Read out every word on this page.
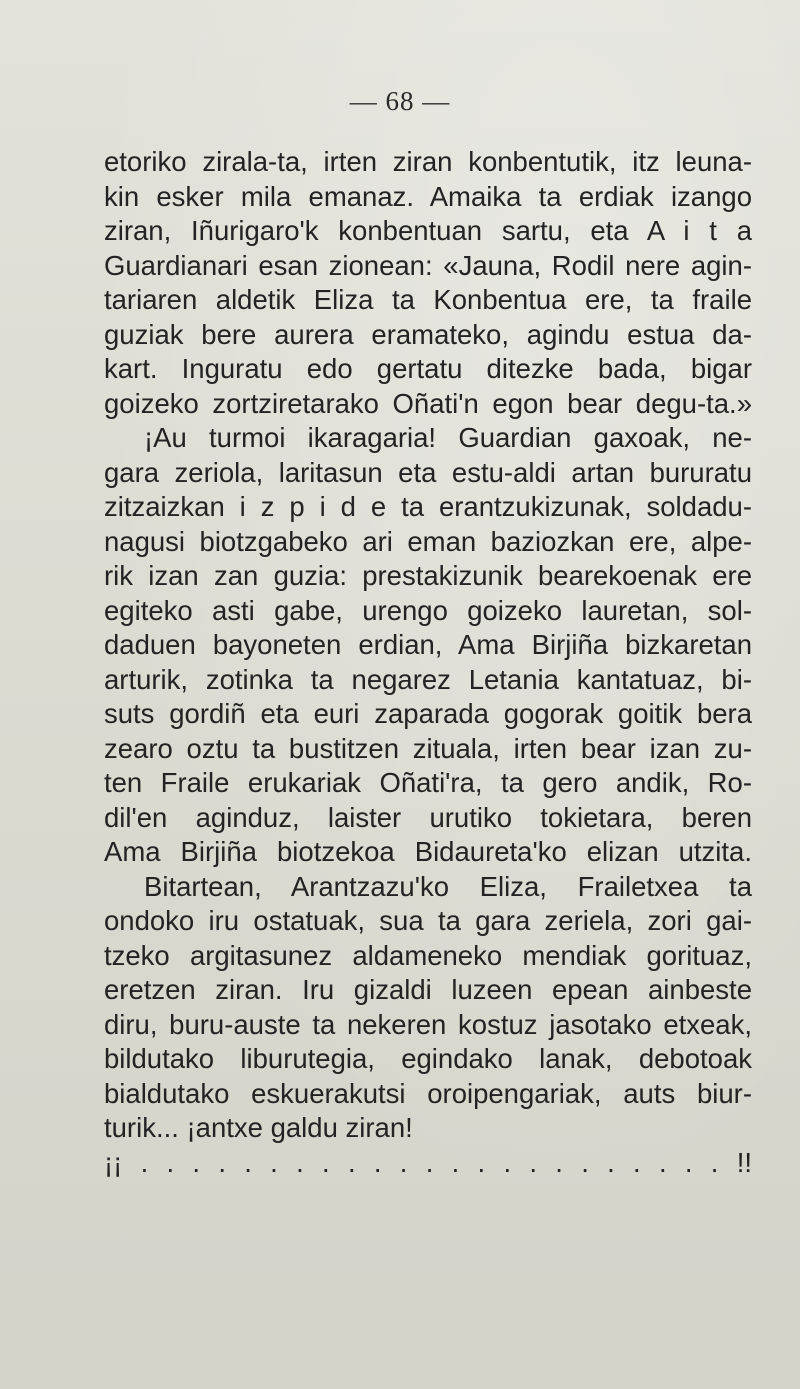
— 68 —
etoriko zirala-ta, irten ziran konbentutik, itz leuna-
kin esker mila emanaz. Amaika ta erdiak izango
ziran, Iñurigaro'k konbentuan sartu, eta A i t a
Guardianari esan zionean: «Jauna, Rodil nere agin-
tariaren aldetik Eliza ta Konbentua ere, ta fraile
guziak bere aurera eramateko, agindu estua da-
kart. Inguratu edo gertatu ditezke bada, bigar
goizeko zortziretarako Oñati'n egon bear degu-ta.»
¡Au turmoi ikaragaria! Guardian gaxoak, ne-
gara zeriola, laritasun eta estu-aldi artan bururatu
zitzaizkan i z p i d e ta erantzukizunak, soldadu-
nagusi biotzgabeko ari eman baziozkan ere, alpe-
rik izan zan guzia: prestakizunik bearekoenak ere
egiteko asti gabe, urengo goizeko lauretan, sol-
daduen bayoneten erdian, Ama Birjiña bizkaretan
arturik, zotinka ta negarez Letania kantatuaz, bi-
suts gordiñ eta euri zaparada gogorak goitik bera
zearo oztu ta bustitzen zituala, irten bear izan zu-
ten Fraile erukariak Oñati'ra, ta gero andik, Ro-
dil'en aginduz, laister urutiko tokietara, beren
Ama Birjiña biotzekoa Bidaureta'ko elizan utzita.
Bitartean, Arantzazu'ko Eliza, Frailetxea ta
ondoko iru ostatuak, sua ta gara zeriela, zori gai-
tzeko argitasunez aldameneko mendiak gorituaz,
eretzen ziran. Iru gizaldi luzeen epean ainbeste
diru, buru-auste ta nekeren kostuz jasotako etxeak,
bildutako liburutegia, egindako lanak, debotoak
bialdutako eskuerakutsi oroipengariak, auts biur-
turik... ¡antxe galdu ziran!
¡¡ . . . . . . . . . . . . . . . . . . . . . . . !!
